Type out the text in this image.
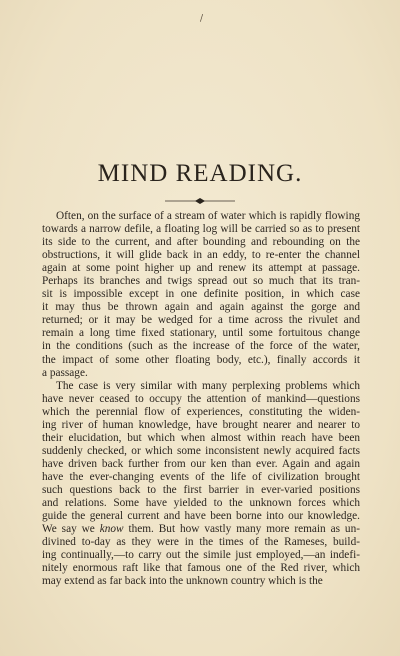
/
MIND READING.
Often, on the surface of a stream of water which is rapidly flowing
towards a narrow defile, a floating log will be carried so as to present
its side to the current, and after bounding and rebounding on the
obstructions, it will glide back in an eddy, to re-enter the channel
again at some point higher up and renew its attempt at passage.
Perhaps its branches and twigs spread out so much that its tran-
sit is impossible except in one definite position, in which case
it may thus be thrown again and again against the gorge and
returned; or it may be wedged for a time across the rivulet and
remain a long time fixed stationary, until some fortuitous change
in the conditions (such as the increase of the force of the water,
the impact of some other floating body, etc.), finally accords it
a passage.
The case is very similar with many perplexing problems which
have never ceased to occupy the attention of mankind—questions
which the perennial flow of experiences, constituting the widen-
ing river of human knowledge, have brought nearer and nearer to
their elucidation, but which when almost within reach have been
suddenly checked, or which some inconsistent newly acquired facts
have driven back further from our ken than ever. Again and again
have the ever-changing events of the life of civilization brought
such questions back to the first barrier in ever-varied positions
and relations. Some have yielded to the unknown forces which
guide the general current and have been borne into our knowledge.
We say we know them. But how vastly many more remain as un-
divined to-day as they were in the times of the Rameses, build-
ing continually,—to carry out the simile just employed,—an indefi-
nitely enormous raft like that famous one of the Red river, which
may extend as far back into the unknown country which is the
